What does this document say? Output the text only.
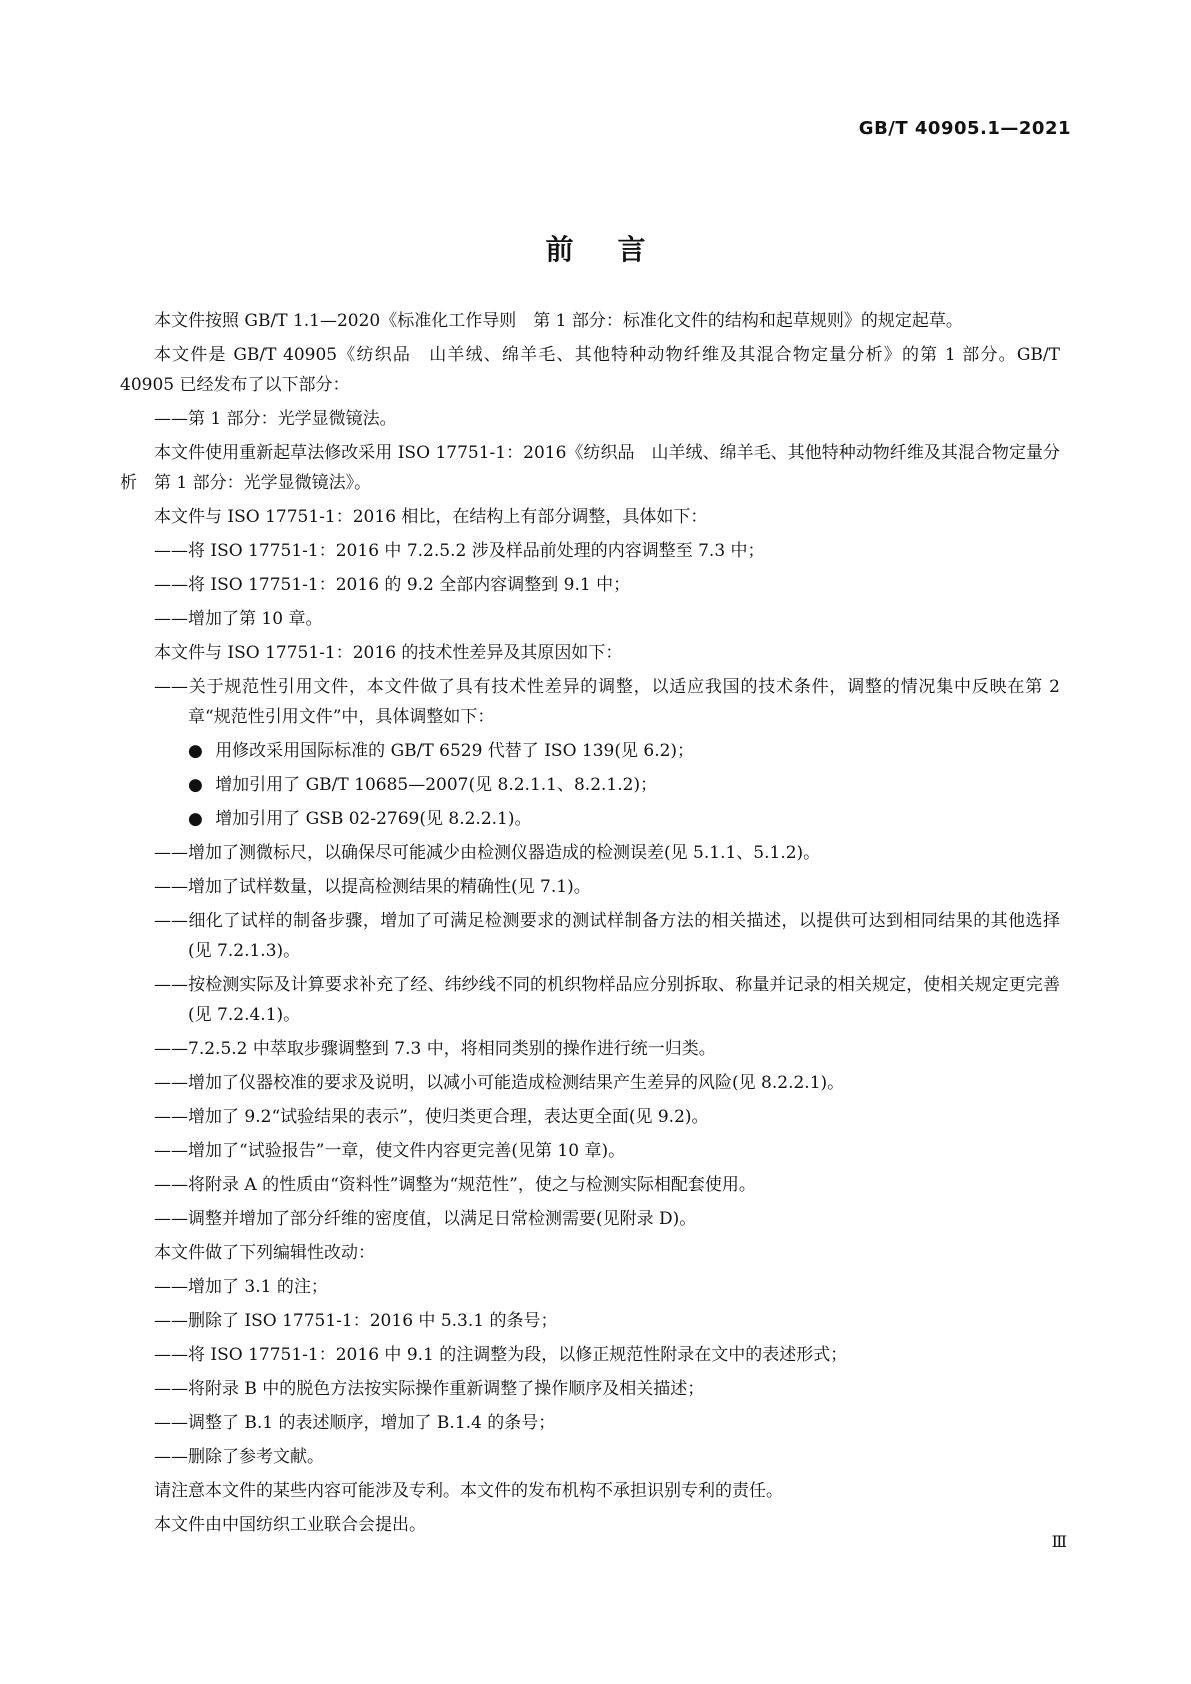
GB/T 40905.1—2021
前言

本文件按照 GB/T 1.1—2020《标准化工作导则　第 1 部分：标准化文件的结构和起草规则》的规定起草。

本文件是 GB/T 40905《纺织品　山羊绒、绵羊毛、其他特种动物纤维及其混合物定量分析》的第 1 部分。GB/T 40905 已经发布了以下部分：

——第 1 部分：光学显微镜法。

本文件使用重新起草法修改采用 ISO 17751-1：2016《纺织品　山羊绒、绵羊毛、其他特种动物纤维及其混合物定量分析　第 1 部分：光学显微镜法》。

本文件与 ISO 17751-1：2016 相比，在结构上有部分调整，具体如下：

——将 ISO 17751-1：2016 中 7.2.5.2 涉及样品前处理的内容调整至 7.3 中；

——将 ISO 17751-1：2016 的 9.2 全部内容调整到 9.1 中；

——增加了第 10 章。

本文件与 ISO 17751-1：2016 的技术性差异及其原因如下：

——关于规范性引用文件，本文件做了具有技术性差异的调整，以适应我国的技术条件，调整的情况集中反映在第 2 章“规范性引用文件”中，具体调整如下：

● 用修改采用国际标准的 GB/T 6529 代替了 ISO 139(见 6.2)；

● 增加引用了 GB/T 10685—2007(见 8.2.1.1、8.2.1.2)；

● 增加引用了 GSB 02-2769(见 8.2.2.1)。

——增加了测微标尺，以确保尽可能减少由检测仪器造成的检测误差(见 5.1.1、5.1.2)。

——增加了试样数量，以提高检测结果的精确性(见 7.1)。

——细化了试样的制备步骤，增加了可满足检测要求的测试样制备方法的相关描述，以提供可达到相同结果的其他选择(见 7.2.1.3)。

——按检测实际及计算要求补充了经、纬纱线不同的机织物样品应分别拆取、称量并记录的相关规定，使相关规定更完善(见 7.2.4.1)。

——7.2.5.2 中萃取步骤调整到 7.3 中，将相同类别的操作进行统一归类。

——增加了仪器校准的要求及说明，以减小可能造成检测结果产生差异的风险(见 8.2.2.1)。

——增加了 9.2“试验结果的表示”，使归类更合理，表达更全面(见 9.2)。

——增加了“试验报告”一章，使文件内容更完善(见第 10 章)。

——将附录 A 的性质由“资料性”调整为“规范性”，使之与检测实际相配套使用。

——调整并增加了部分纤维的密度值，以满足日常检测需要(见附录 D)。

本文件做了下列编辑性改动：

——增加了 3.1 的注；

——删除了 ISO 17751-1：2016 中 5.3.1 的条号；

——将 ISO 17751-1：2016 中 9.1 的注调整为段，以修正规范性附录在文中的表述形式；

——将附录 B 中的脱色方法按实际操作重新调整了操作顺序及相关描述；

——调整了 B.1 的表述顺序，增加了 B.1.4 的条号；

——删除了参考文献。

请注意本文件的某些内容可能涉及专利。本文件的发布机构不承担识别专利的责任。

本文件由中国纺织工业联合会提出。

Ⅲ
